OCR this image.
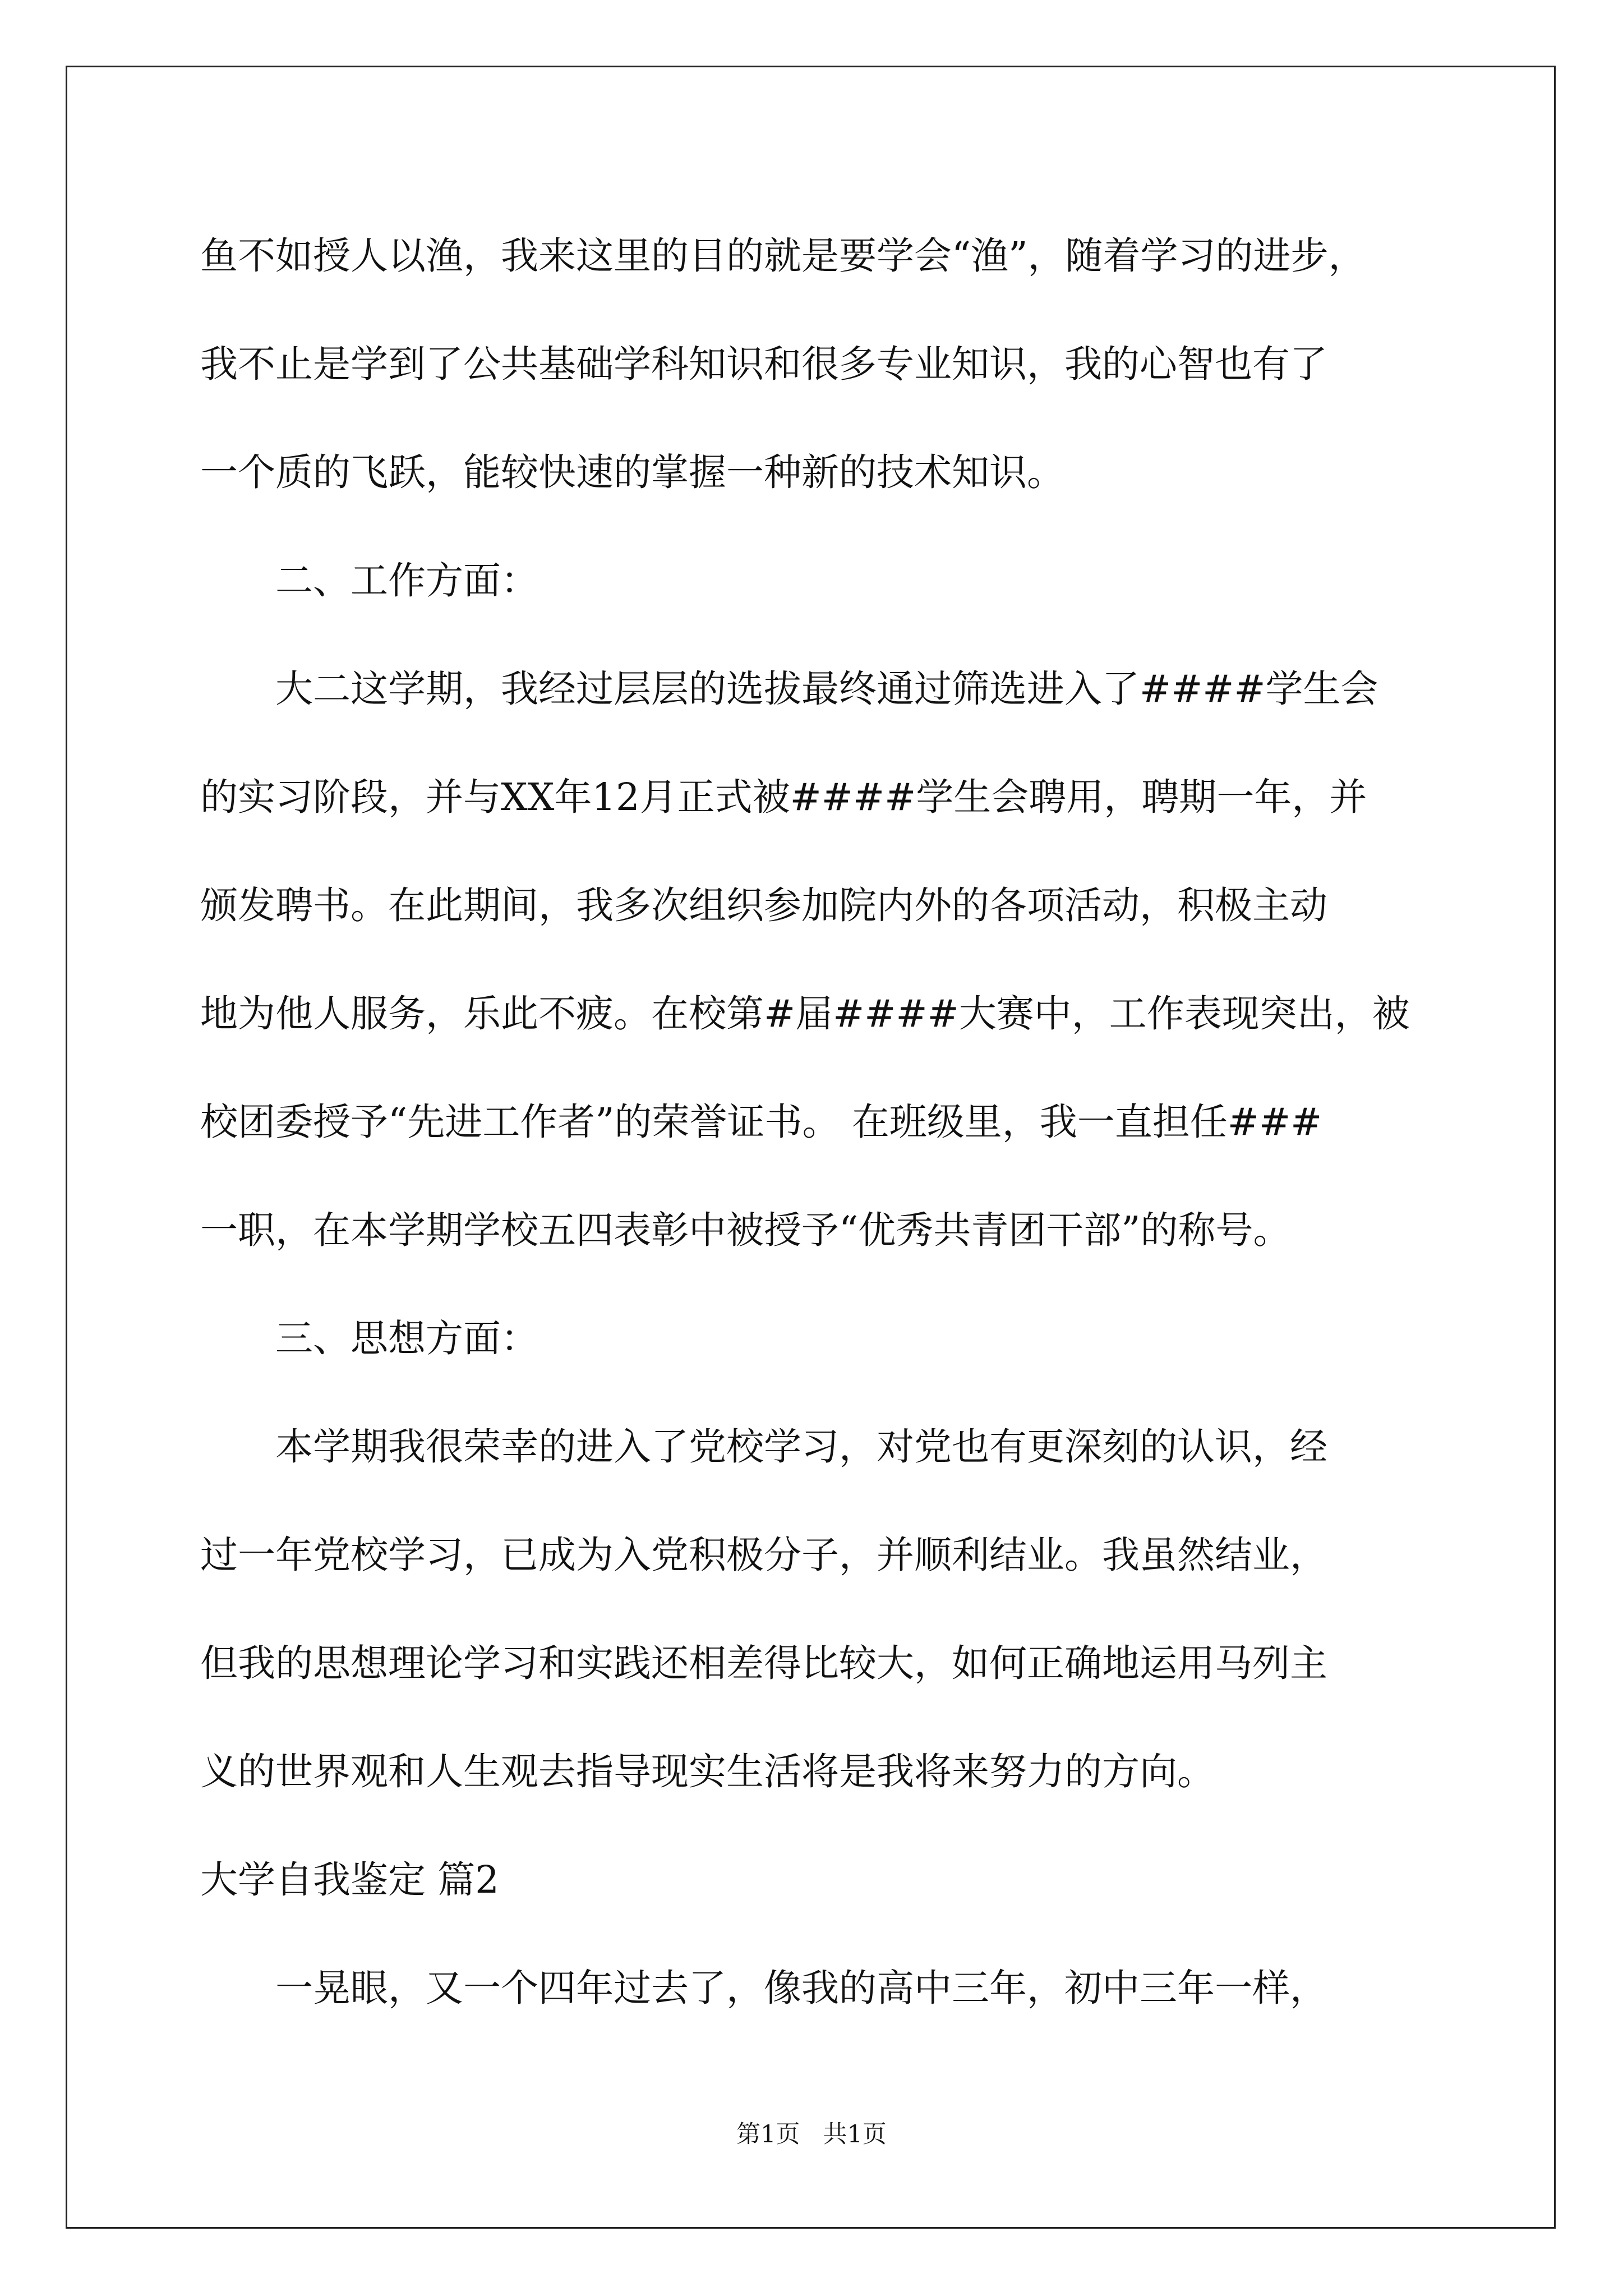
鱼不如授人以渔，我来这里的目的就是要学会“渔”，随着学习的进步，
我不止是学到了公共基础学科知识和很多专业知识，我的心智也有了
一个质的飞跃，能较快速的掌握一种新的技术知识。
二、工作方面：
大二这学期，我经过层层的选拔最终通过筛选进入了####学生会
的实习阶段，并与XX年12月正式被####学生会聘用，聘期一年，并
颁发聘书。在此期间，我多次组织参加院内外的各项活动，积极主动
地为他人服务，乐此不疲。在校第#届####大赛中，工作表现突出，被
校团委授予“先进工作者”的荣誉证书。 在班级里，我一直担任###
一职，在本学期学校五四表彰中被授予“优秀共青团干部”的称号。
三、思想方面：
本学期我很荣幸的进入了党校学习，对党也有更深刻的认识，经
过一年党校学习，已成为入党积极分子，并顺利结业。我虽然结业，
但我的思想理论学习和实践还相差得比较大，如何正确地运用马列主
义的世界观和人生观去指导现实生活将是我将来努力的方向。
大学自我鉴定 篇2
一晃眼，又一个四年过去了，像我的高中三年，初中三年一样，
第1页   共1页
